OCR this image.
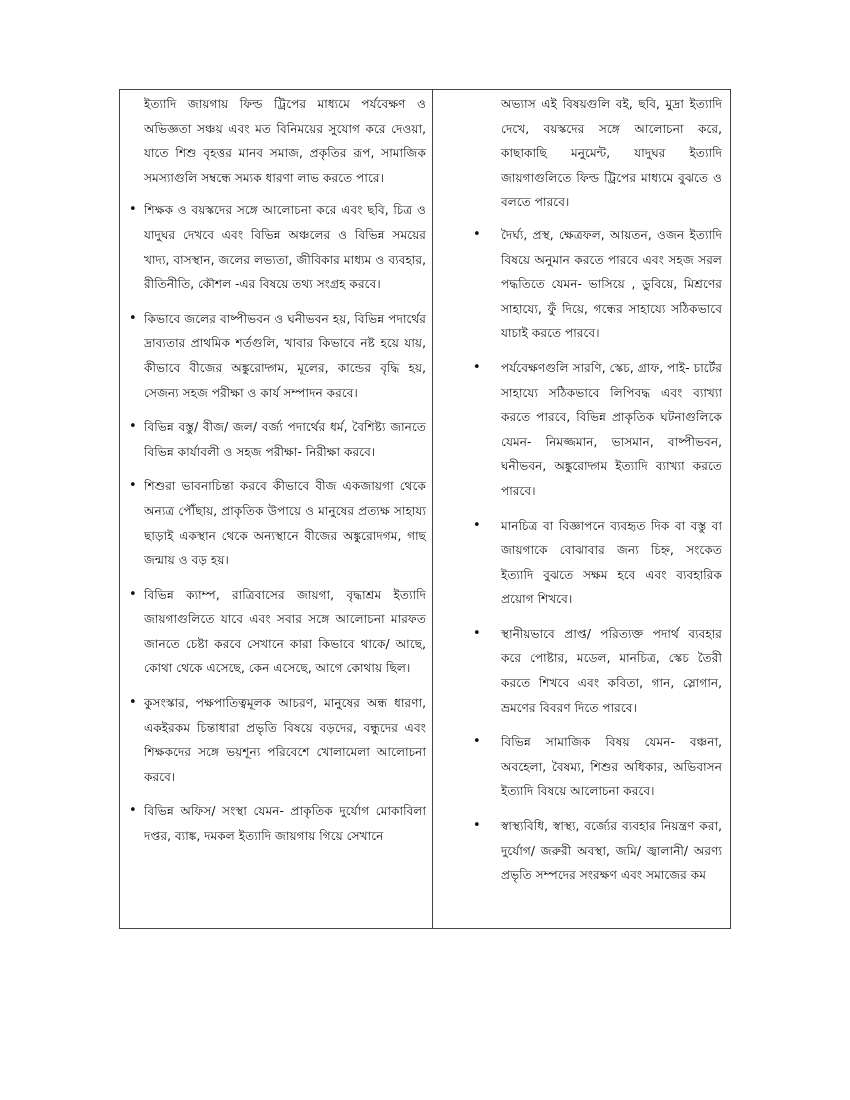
ইত্যাদি জায়গায় ফিল্ড ট্রিপের মাধ্যমে পর্যবেক্ষণ ও অভিজ্ঞতা সঞ্চয় এবং মত বিনিময়ের সুযোগ করে দেওয়া, যাতে শিশু বৃহত্তর মানব সমাজ, প্রকৃতির রূপ, সামাজিক সমস্যাগুলি সম্বন্ধে সম্যক ধারণা লাভ করতে পারে।

• শিক্ষক ও বয়স্কদের সঙ্গে আলোচনা করে এবং ছবি, চিত্র ও যাদুঘর দেখবে এবং বিভিন্ন অঞ্চলের ও বিভিন্ন সময়ের খাদ্য, বাসস্থান, জলের লভ্যতা, জীবিকার মাধ্যম ও ব্যবহার, রীতিনীতি, কৌশল -এর বিষয়ে তথ্য সংগ্রহ করবে।
• কিভাবে জলের বাষ্পীভবন ও ঘনীভবন হয়, বিভিন্ন পদার্থের দ্রাব্যতার প্রাথমিক শর্তগুলি, খাবার কিভাবে নষ্ট হয়ে যায়, কীভাবে বীজের অঙ্কুরোদ্গম, মূলের, কান্ডের বৃদ্ধি হয়, সেজন্য সহজ পরীক্ষা ও কার্য সম্পাদন করবে।
• বিভিন্ন বস্তু/ বীজ/ জল/ বর্জ্য পদার্থের ধর্ম, বৈশিষ্ট্য জানতে বিভিন্ন কার্যাবলী ও সহজ পরীক্ষা- নিরীক্ষা করবে।
• শিশুরা ভাবনাচিন্তা করবে কীভাবে বীজ একজায়গা থেকে অন্যত্র পৌঁছায়, প্রাকৃতিক উপায়ে ও মানুষের প্রত্যক্ষ সাহায্য ছাড়াই একস্থান থেকে অন্যস্থানে বীজের অঙ্কুরোদগম, গাছ জন্মায় ও বড় হয়।
• বিভিন্ন ক্যাম্প, রাত্রিবাসের জায়গা, বৃদ্ধাশ্রম ইত্যাদি জায়গাগুলিতে যাবে এবং সবার সঙ্গে আলোচনা মারফত জানতে চেষ্টা করবে সেখানে কারা কিভাবে থাকে/ আছে, কোথা থেকে এসেছে, কেন এসেছে, আগে কোথায় ছিল।
• কুসংস্কার, পক্ষপাতিত্বমূলক আচরণ, মানুষের অন্ধ ধারণা, একইরকম চিন্তাধারা প্রভৃতি বিষয়ে বড়দের, বন্ধুদের এবং শিক্ষকদের সঙ্গে ভয়শূন্য পরিবেশে খোলামেলা আলোচনা করবে।
• বিভিন্ন অফিস/ সংস্থা যেমন- প্রাকৃতিক দুর্যোগ মোকাবিলা দপ্তর, ব্যাঙ্ক, দমকল ইত্যাদি জায়গায় গিয়ে সেখানে

অভ্যাস এই বিষয়গুলি বই, ছবি, মুদ্রা ইত্যাদি দেখে, বয়স্কদের সঙ্গে আলোচনা করে, কাছাকাছি মনুমেন্ট, যাদুঘর ইত্যাদি জায়গাগুলিতে ফিল্ড ট্রিপের মাধ্যমে বুঝতে ও বলতে পারবে।

• দৈর্ঘ্য, প্রস্থ, ক্ষেত্রফল, আয়তন, ওজন ইত্যাদি বিষয়ে অনুমান করতে পারবে এবং সহজ সরল পদ্ধতিতে যেমন- ভাসিয়ে , ডুবিয়ে, মিশ্রণের সাহায্যে, ফুঁ দিয়ে, গন্ধের সাহায্যে সঠিকভাবে যাচাই করতে পারবে।
• পর্যবেক্ষণগুলি সারণি, স্কেচ, গ্রাফ, পাই- চার্টের সাহায্যে সঠিকভাবে লিপিবদ্ধ এবং ব্যাখ্যা করতে পারবে, বিভিন্ন প্রাকৃতিক ঘটনাগুলিকে যেমন- নিমজ্জমান, ভাসমান, বাষ্পীভবন, ঘনীভবন, অঙ্কুরোদ্গম ইত্যাদি ব্যাখ্যা করতে পারবে।
• মানচিত্র বা বিজ্ঞাপনে ব্যবহৃত দিক বা বস্তু বা জায়গাকে বোঝাবার জন্য চিহ্ন, সংকেত ইত্যাদি বুঝতে সক্ষম হবে এবং ব্যবহারিক প্রয়োগ শিখবে।
• স্থানীয়ভাবে প্রাপ্ত/ পরিত্যক্ত পদার্থ ব্যবহার করে পোষ্টার, মডেল, মানচিত্র, স্কেচ তৈরী করতে শিখবে এবং কবিতা, গান, স্লোগান, ভ্রমণের বিবরণ দিতে পারবে।
• বিভিন্ন সামাজিক বিষয় যেমন- বঞ্চনা, অবহেলা, বৈষম্য, শিশুর অধিকার, অভিবাসন ইত্যাদি বিষয়ে আলোচনা করবে।
• স্বাস্থ্যবিধি, স্বাস্থ্য, বর্জ্যের ব্যবহার নিয়ন্ত্রণ করা, দুর্যোগ/ জরুরী অবস্থা, জমি/ জ্বালানী/ অরণ্য প্রভৃতি সম্পদের সংরক্ষণ এবং সমাজের কম
